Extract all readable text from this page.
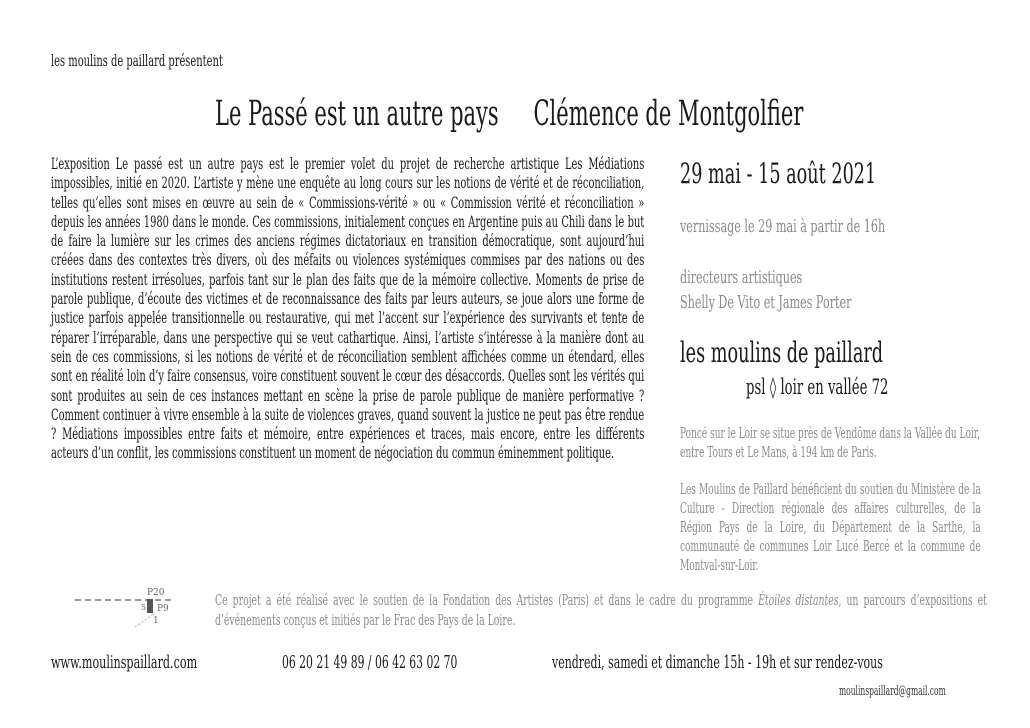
les moulins de paillard présentent
Le Passé est un autre pays Clémence de Montgolfier
L’exposition Le passé est un autre pays est le premier volet du projet de recherche artistique Les Médiations impossibles, initié en 2020. L’artiste y mène une enquête au long cours sur les notions de vérité et de réconciliation, telles qu’elles sont mises en œuvre au sein de « Commissions-vérité » ou « Commission vérité et réconciliation » depuis les années 1980 dans le monde. Ces commissions, initialement conçues en Argentine puis au Chili dans le but de faire la lumière sur les crimes des anciens régimes dictatoriaux en transition démocratique, sont aujourd’hui créées dans des contextes très divers, où des méfaits ou violences systémiques commises par des nations ou des institutions restent irrésolues, parfois tant sur le plan des faits que de la mémoire collective. Moments de prise de parole publique, d’écoute des victimes et de reconnaissance des faits par leurs auteurs, se joue alors une forme de justice parfois appelée transitionnelle ou restaurative, qui met l’accent sur l’expérience des survivants et tente de réparer l’irréparable, dans une perspective qui se veut cathartique. Ainsi, l’artiste s’intéresse à la manière dont au sein de ces commissions, si les notions de vérité et de réconciliation semblent affichées comme un étendard, elles sont en réalité loin d’y faire consensus, voire constituent souvent le cœur des désaccords. Quelles sont les vérités qui sont produites au sein de ces instances mettant en scène la prise de parole publique de manière performative ? Comment continuer à vivre ensemble à la suite de violences graves, quand souvent la justice ne peut pas être rendue ? Médiations impossibles entre faits et mémoire, entre expériences et traces, mais encore, entre les différents acteurs d’un conflit, les commissions constituent un moment de négociation du commun éminemment politique.
29 mai - 15 août 2021
vernissage le 29 mai à partir de 16h
directeurs artistiques
Shelly De Vito et James Porter
les moulins de paillard
psl ◊ loir en vallée 72
Poncé sur le Loir se situe près de Vendôme dans la Vallée du Loir, entre Tours et Le Mans, à 194 km de Paris.
Les Moulins de Paillard bénéficient du soutien du Ministère de la Culture - Direction régionale des affaires culturelles, de la Région Pays de la Loire, du Département de la Sarthe, la communauté de communes Loir Lucé Bercé et la commune de Montval-sur-Loir.
P20
5 P9
1
Ce projet a été réalisé avec le soutien de la Fondation des Artistes (Paris) et dans le cadre du programme Étoiles distantes, un parcours d’expositions et d’événements conçus et initiés par le Frac des Pays de la Loire.
www.moulinspaillard.com	06 20 21 49 89 / 06 42 63 02 70	vendredi, samedi et dimanche 15h - 19h et sur rendez-vous
moulinspaillard@gmail.com
